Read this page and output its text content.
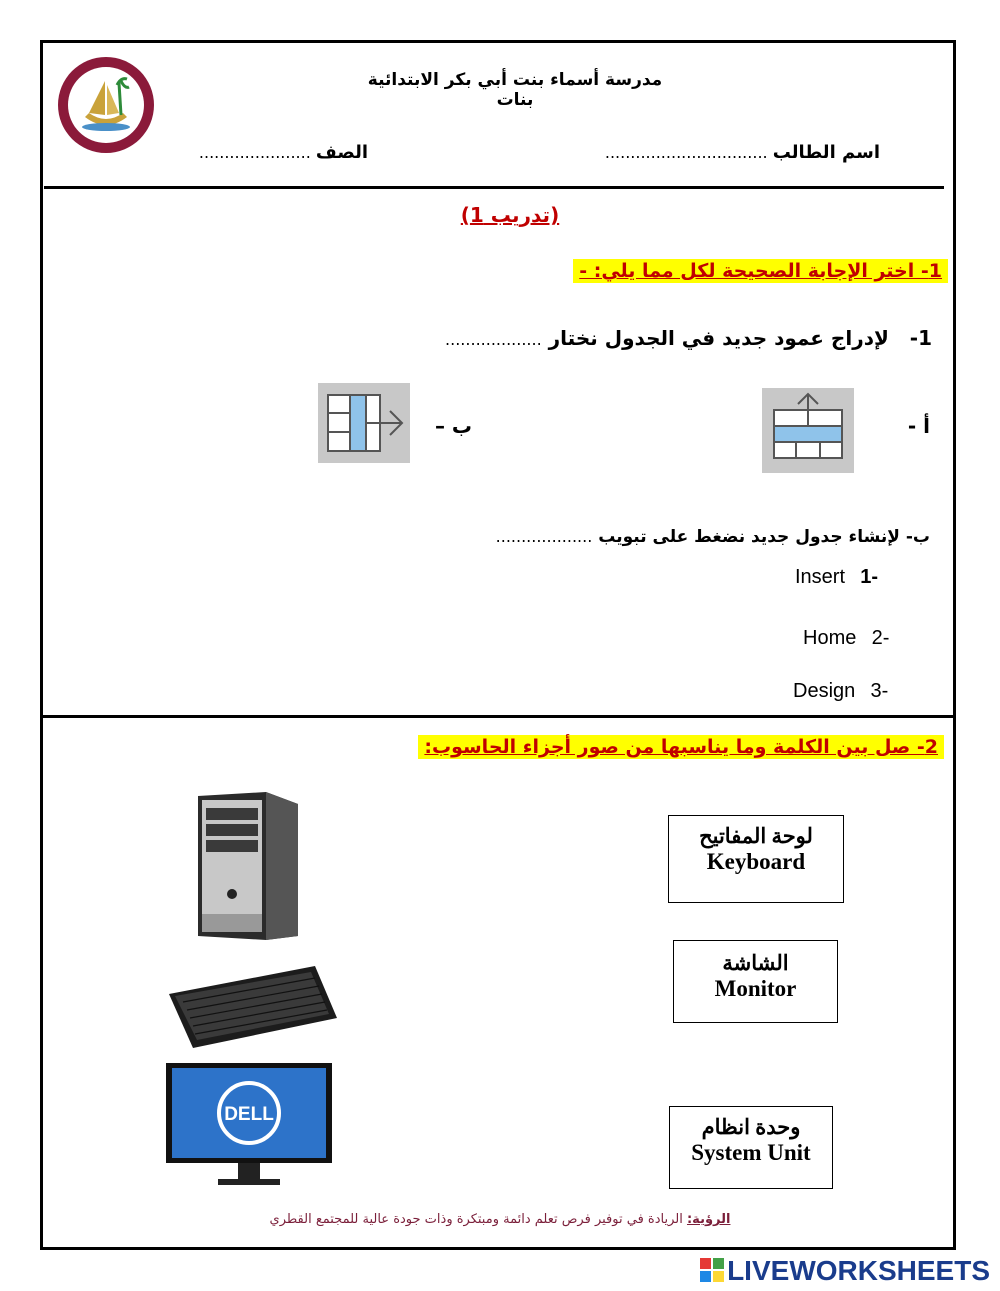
مدرسة أسماء بنت أبي بكر الابتدائية بنات
اسم الطالب ................................
الصف ......................
(تدريب 1)
1- اختر الإجابة الصحيحة لكل مما يلي: -
1-   لإدراج عمود جديد في الجدول نختار ...................
أ -
ب –
ب- لإنشاء جدول جديد نضغط على تبويب ...................
Insert 1-
Home 2-
Design 3-
2- صل بين الكلمة وما يناسبها من صور أجزاء الحاسوب:
DELL
لوحة المفاتيح
Keyboard
الشاشة
Monitor
وحدة انظام
System Unit
الرؤية: الريادة في توفير فرص تعلم دائمة ومبتكرة وذات جودة عالية للمجتمع القطري
LIVEWORKSHEETS
